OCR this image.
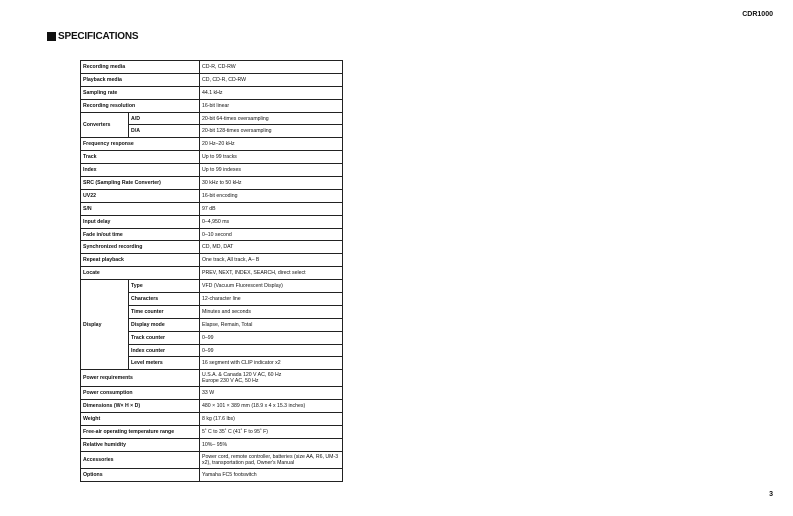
CDR1000
SPECIFICATIONS
Recording media		CD-R, CD-RW
Playback media		CD, CD-R, CD-RW
Sampling rate		44.1 kHz
Recording resolution		16-bit linear
Converters	A/D	20-bit 64-times oversampling
	D/A	20-bit 128-times oversampling
Frequency response		20 Hz–20 kHz
Track		Up to 99 tracks
Index		Up to 99 indexes
SRC (Sampling Rate Converter)		30 kHz to 50 kHz
UV22		16-bit encoding
S/N		97 dB
Input delay		0–4,950 ms
Fade in/out time		0–10 second
Synchronized recording		CD, MD, DAT
Repeat playback		One track, All track, A– B
Locate		PREV, NEXT, INDEX, SEARCH, direct select
Display	Type	VFD (Vacuum Fluorescent Display)
	Characters	12-character line
	Time counter	Minutes and seconds
	Display mode	Elapse, Remain, Total
	Track counter	0–99
	Index counter	0–99
	Level meters	16 segment with CLIP indicator x2
Power requirements		U.S.A. & Canada 120 V AC, 60 Hz
Europe 230 V AC, 50 Hz
Power consumption		33 W
Dimensions (W× H × D)		480 × 101 × 389 mm (18.9 x 4 x 15.3 inches)
Weight		8 kg (17.6 lbs)
Free-air operating temperature range		5˚ C to 35˚ C (41˚ F to 95˚ F)
Relative humidity		10%– 95%
Accessories		Power cord, remote controller, batteries (size AA, R6, UM-3 x2), transportation pad, Owner's Manual
Options		Yamaha FC5 footswitch
3
